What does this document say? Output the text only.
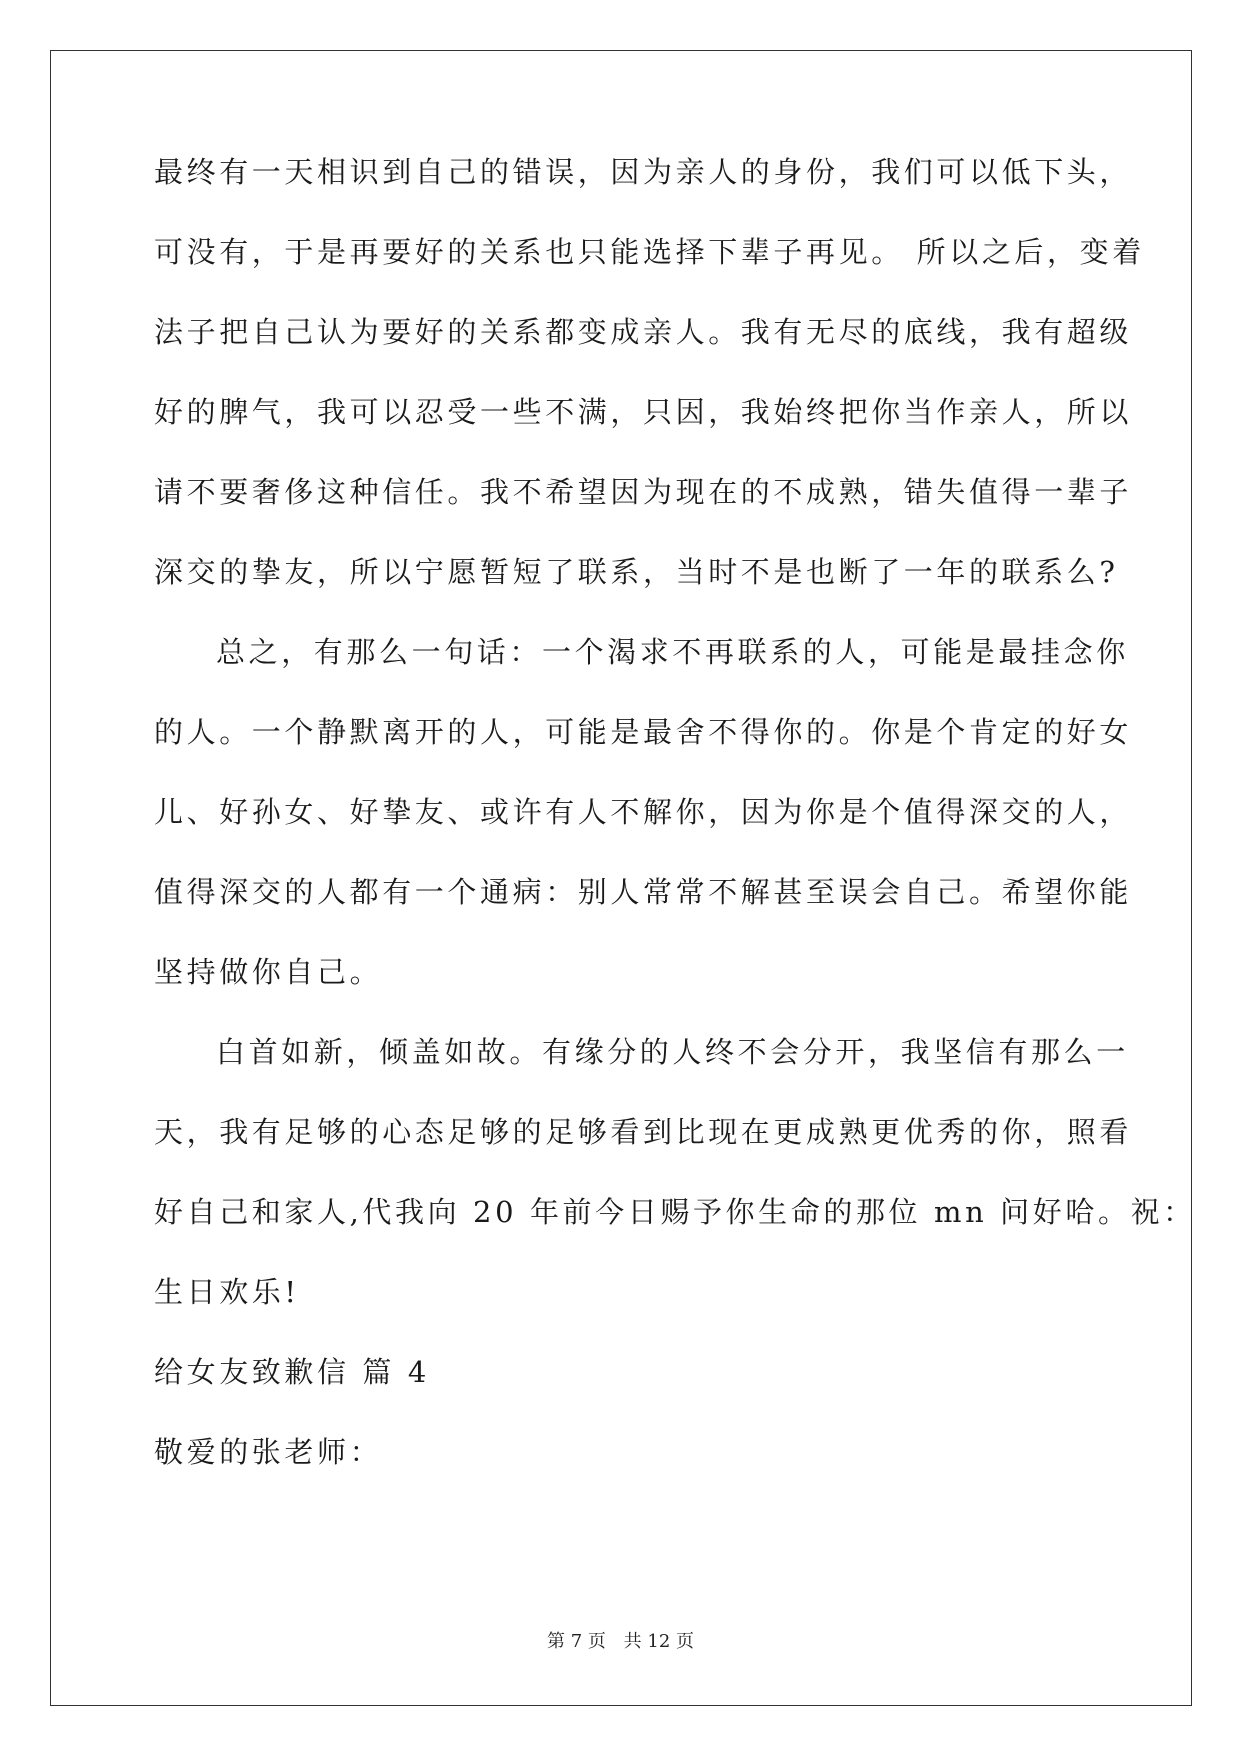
最终有一天相识到自己的错误，因为亲人的身份，我们可以低下头，
可没有，于是再要好的关系也只能选择下辈子再见。 所以之后，变着
法子把自己认为要好的关系都变成亲人。我有无尽的底线，我有超级
好的脾气，我可以忍受一些不满，只因，我始终把你当作亲人，所以
请不要奢侈这种信任。我不希望因为现在的不成熟，错失值得一辈子
深交的挚友，所以宁愿暂短了联系，当时不是也断了一年的联系么?
总之，有那么一句话：一个渴求不再联系的人，可能是最挂念你
的人。一个静默离开的人，可能是最舍不得你的。你是个肯定的好女
儿、好孙女、好挚友、或许有人不解你，因为你是个值得深交的人，
值得深交的人都有一个通病：别人常常不解甚至误会自己。希望你能
坚持做你自己。
白首如新，倾盖如故。有缘分的人终不会分开，我坚信有那么一
天，我有足够的心态足够的足够看到比现在更成熟更优秀的你，照看
好自己和家人,代我向 20 年前今日赐予你生命的那位 mn 问好哈。祝：
生日欢乐!
给女友致歉信 篇 4
敬爱的张老师：
第 7 页 共 12 页
